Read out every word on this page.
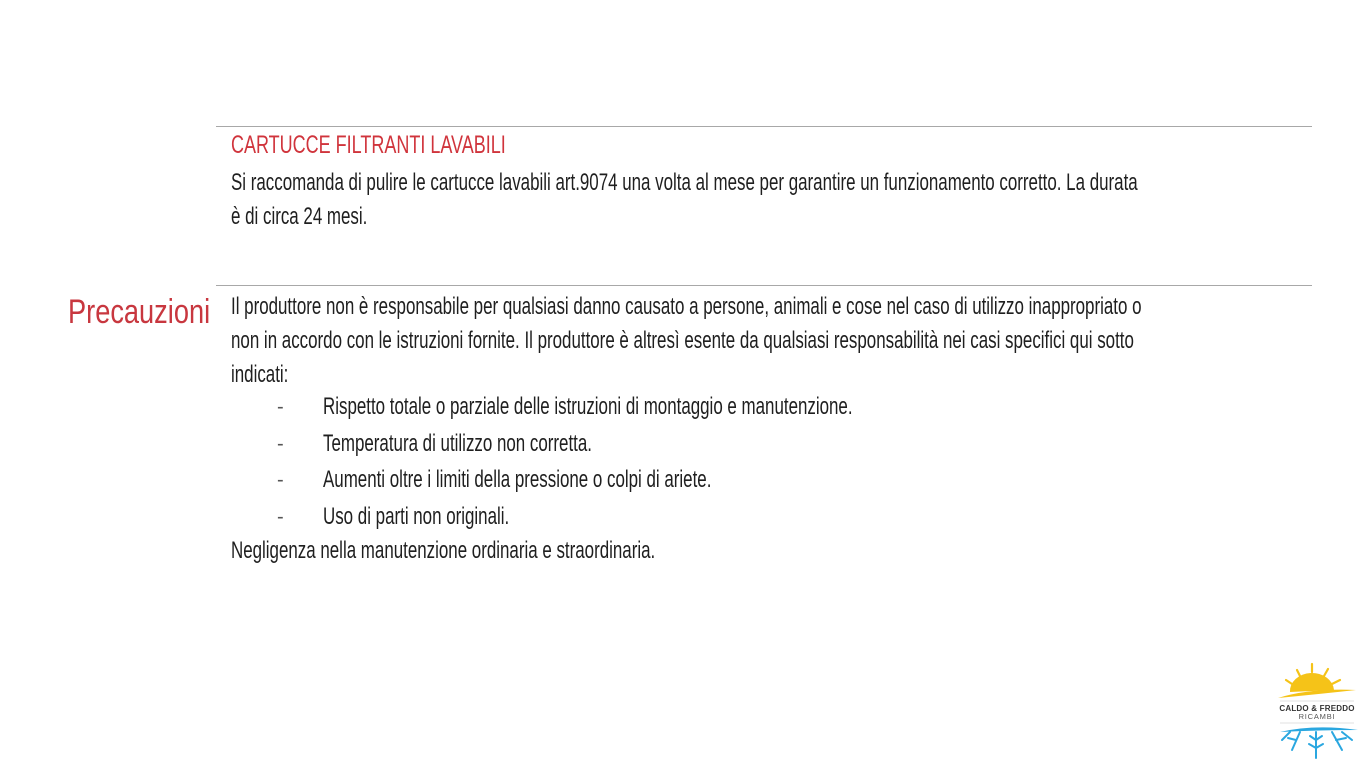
CARTUCCE FILTRANTI LAVABILI
Si raccomanda di pulire le cartucce lavabili art.9074 una volta al mese per garantire un funzionamento corretto. La durata
è di circa 24 mesi.
Precauzioni Il produttore non è responsabile per qualsiasi danno causato a persone, animali e cose nel caso di utilizzo inappropriato o
non in accordo con le istruzioni fornite. Il produttore è altresì esente da qualsiasi responsabilità nei casi specifici qui sotto
indicati:
- Rispetto totale o parziale delle istruzioni di montaggio e manutenzione.
- Temperatura di utilizzo non corretta.
- Aumenti oltre i limiti della pressione o colpi di ariete.
- Uso di parti non originali.
Negligenza nella manutenzione ordinaria e straordinaria.
CALDO & FREDDO
RICAMBI
